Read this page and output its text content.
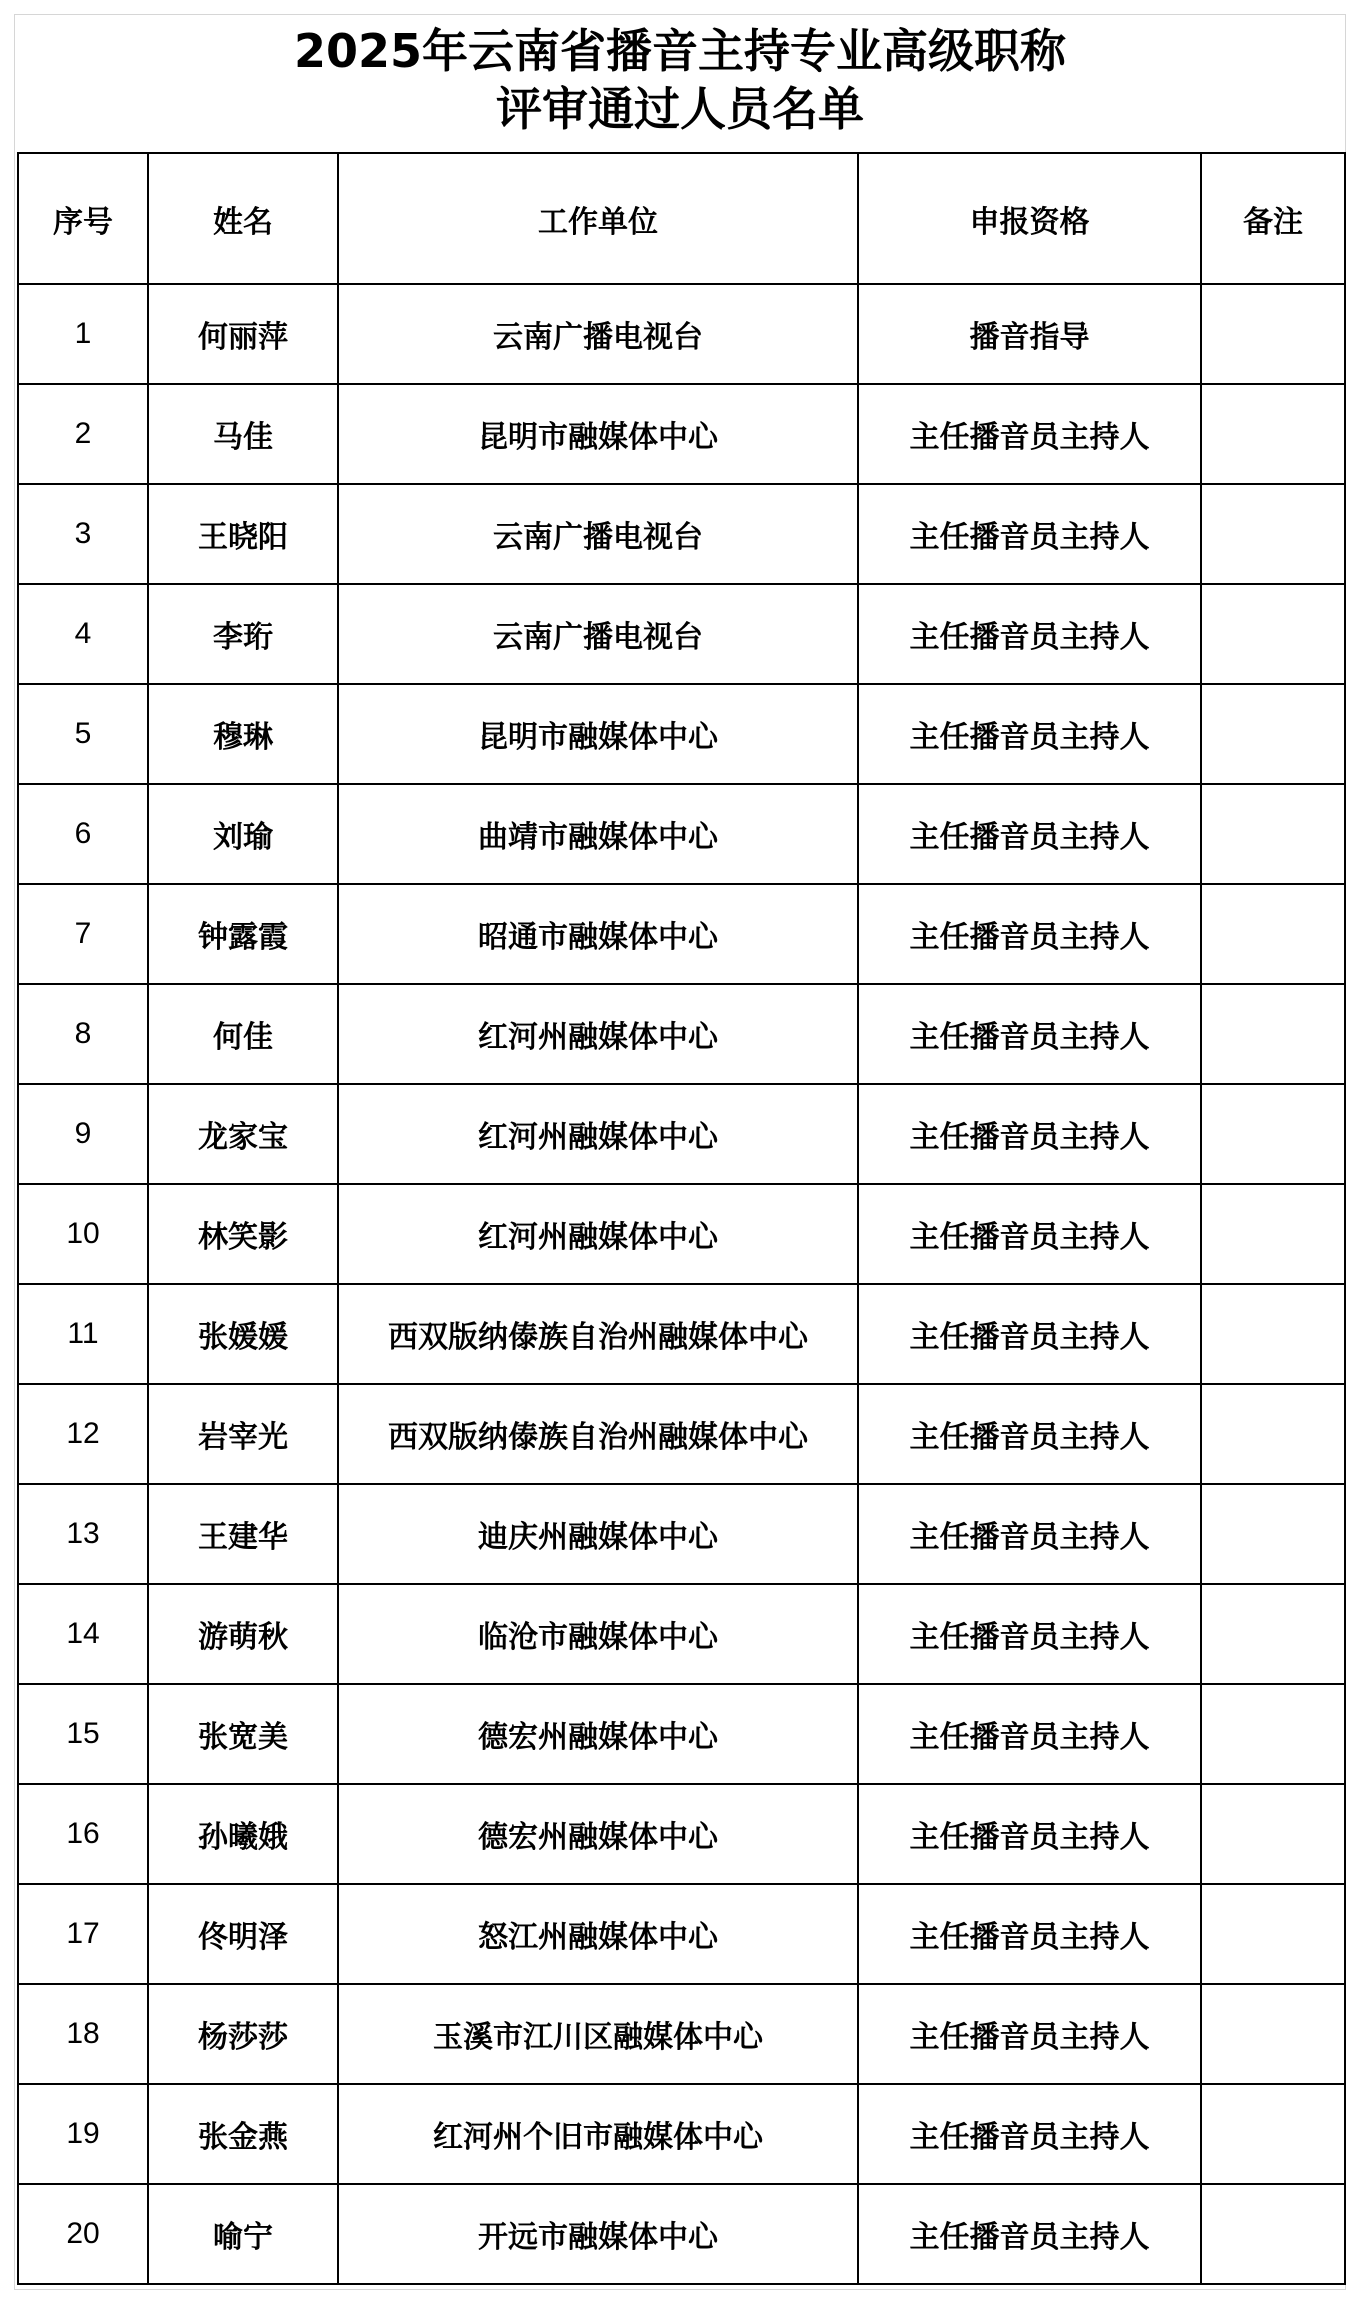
2025年云南省播音主持专业高级职称
评审通过人员名单
序号	姓名	工作单位	申报资格	备注
1	何丽萍	云南广播电视台	播音指导	
2	马佳	昆明市融媒体中心	主任播音员主持人	
3	王晓阳	云南广播电视台	主任播音员主持人	
4	李珩	云南广播电视台	主任播音员主持人	
5	穆琳	昆明市融媒体中心	主任播音员主持人	
6	刘瑜	曲靖市融媒体中心	主任播音员主持人	
7	钟露霞	昭通市融媒体中心	主任播音员主持人	
8	何佳	红河州融媒体中心	主任播音员主持人	
9	龙家宝	红河州融媒体中心	主任播音员主持人	
10	林笑影	红河州融媒体中心	主任播音员主持人	
11	张媛媛	西双版纳傣族自治州融媒体中心	主任播音员主持人	
12	岩宰光	西双版纳傣族自治州融媒体中心	主任播音员主持人	
13	王建华	迪庆州融媒体中心	主任播音员主持人	
14	游萌秋	临沧市融媒体中心	主任播音员主持人	
15	张宽美	德宏州融媒体中心	主任播音员主持人	
16	孙曦娥	德宏州融媒体中心	主任播音员主持人	
17	佟明泽	怒江州融媒体中心	主任播音员主持人	
18	杨莎莎	玉溪市江川区融媒体中心	主任播音员主持人	
19	张金燕	红河州个旧市融媒体中心	主任播音员主持人	
20	喻宁	开远市融媒体中心	主任播音员主持人	
